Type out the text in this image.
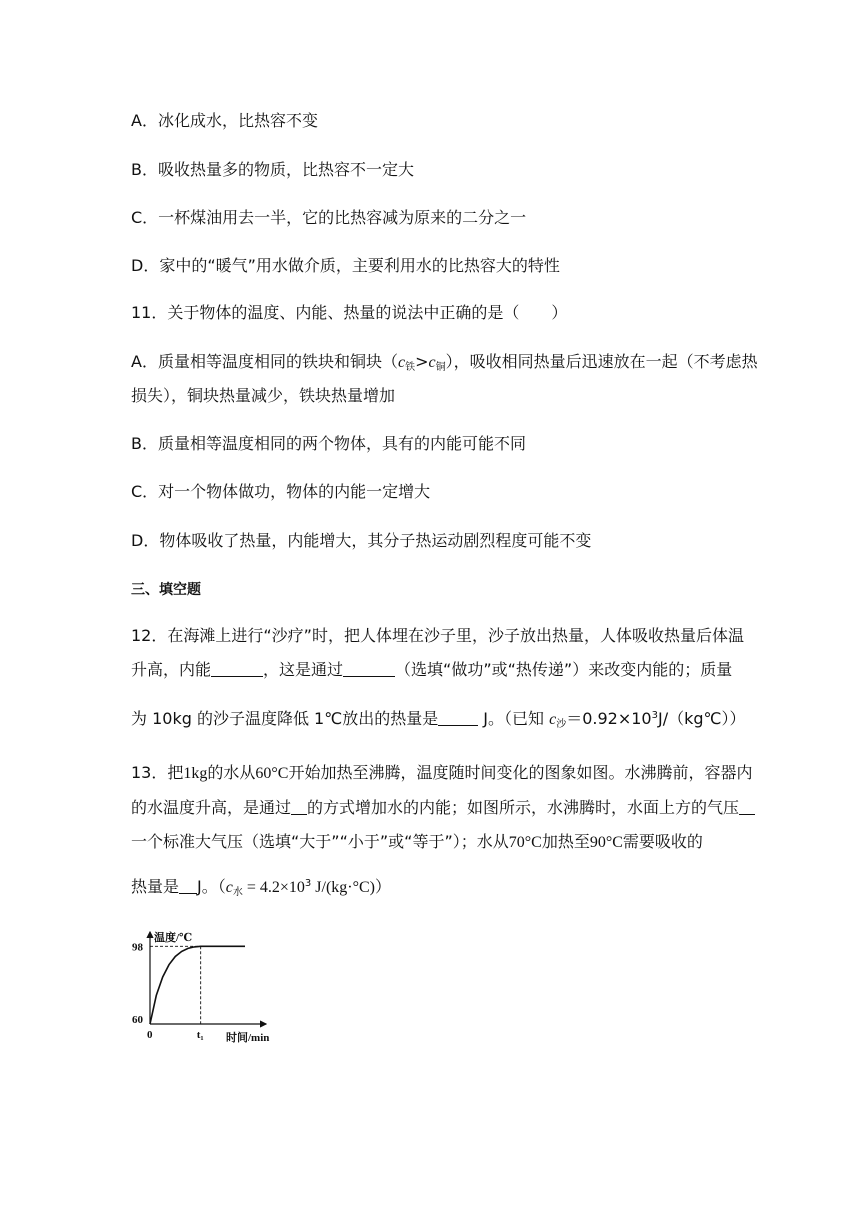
A．冰化成水，比热容不变
B．吸收热量多的物质，比热容不一定大
C．一杯煤油用去一半，它的比热容减为原来的二分之一
D．家中的“暖气”用水做介质，主要利用水的比热容大的特性
11．关于物体的温度、内能、热量的说法中正确的是（　　）
A．质量相等温度相同的铁块和铜块$(c_铁>c_铜)$，吸收相同热量后迅速放在一起（不考虑热
损失），铜块热量减少，铁块热量增加
B．质量相等温度相同的两个物体，具有的内能可能不同
C．对一个物体做功，物体的内能一定增大
D．物体吸收了热量，内能增大，其分子热运动剧烈程度可能不变
三、填空题
12．在海滩上进行“沙疗”时，把人体埋在沙子里，沙子放出热量，人体吸收热量后体温
升高，内能	，这是通过	（选填“做功”或“热传递”）来改变内能的；质量
为 10kg 的沙子温度降低 1℃放出的热量是	J。（已知 $c_沙=0.92\times 10^3J/(kg℃)$）
13．把1kg的水从60°C开始加热至沸腾，温度随时间变化的图象如图。水沸腾前，容器内
的水温度升高，是通过 的方式增加水的内能；如图所示，水沸腾时，水面上方的气压
一个标准大气压（选填“大于”“小于”或“等于”）；水从70°C加热至90°C需要吸收的
热量是 J。（$c_水 = 4.2\times 10^3$ J/(kg·°C)）
温度/℃
时间/min
98
60
0	t₁
